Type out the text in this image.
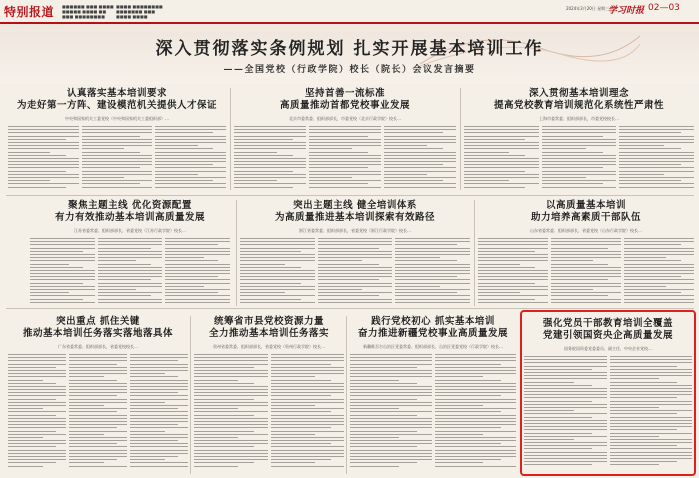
特别报道 ■■■■■■ ■■■ ■■■■
■■■■■ ■■■■ ■■
■■■ ■■■■■■■■
■■■■ ■■■■■■■■
■■■■■■■ ■■■
■■■■ ■■■■
2024年3月20日 星期三
学习时报 02—03
深入贯彻落实条例规划 扎实开展基本培训工作
——全国党校（行政学院）校长（院长）会议发言摘要
认真落实基本培训要求
为走好第一方阵、建设模范机关提供人才保证
中央和国家机关工委党校（中央和国家机关工委组织部）…
坚持首善一流标准
高质量推动首都党校事业发展
北京市委常委、组织部部长，市委党校（北京行政学院）校长…
深入贯彻基本培训理念
提高党校教育培训规范化系统性严肃性
上海市委常委、组织部部长，市委党校校长…
聚焦主题主线 优化资源配置
有力有效推动基本培训高质量发展
江苏省委常委、组织部部长，省委党校（江苏行政学院）校长…
突出主题主线 健全培训体系
为高质量推进基本培训探索有效路径
浙江省委常委、组织部部长，省委党校（浙江行政学院）校长…
以高质量基本培训
助力培养高素质干部队伍
山东省委常委、组织部部长，省委党校（山东行政学院）校长…
突出重点 抓住关键
推动基本培训任务落实落地落具体
广东省委常委、组织部部长，省委党校校长…
统筹省市县党校资源力量
全力推动基本培训任务落实
贵州省委常委、组织部部长，省委党校（贵州行政学院）校长…
践行党校初心 抓实基本培训
奋力推进新疆党校事业高质量发展
新疆维吾尔自治区党委常委、组织部部长，自治区党委党校（行政学院）校长…
强化党员干部教育培训全覆盖
党建引领国资央企高质量发展
国务院国资委党委委员、副主任，中央企业党校…
